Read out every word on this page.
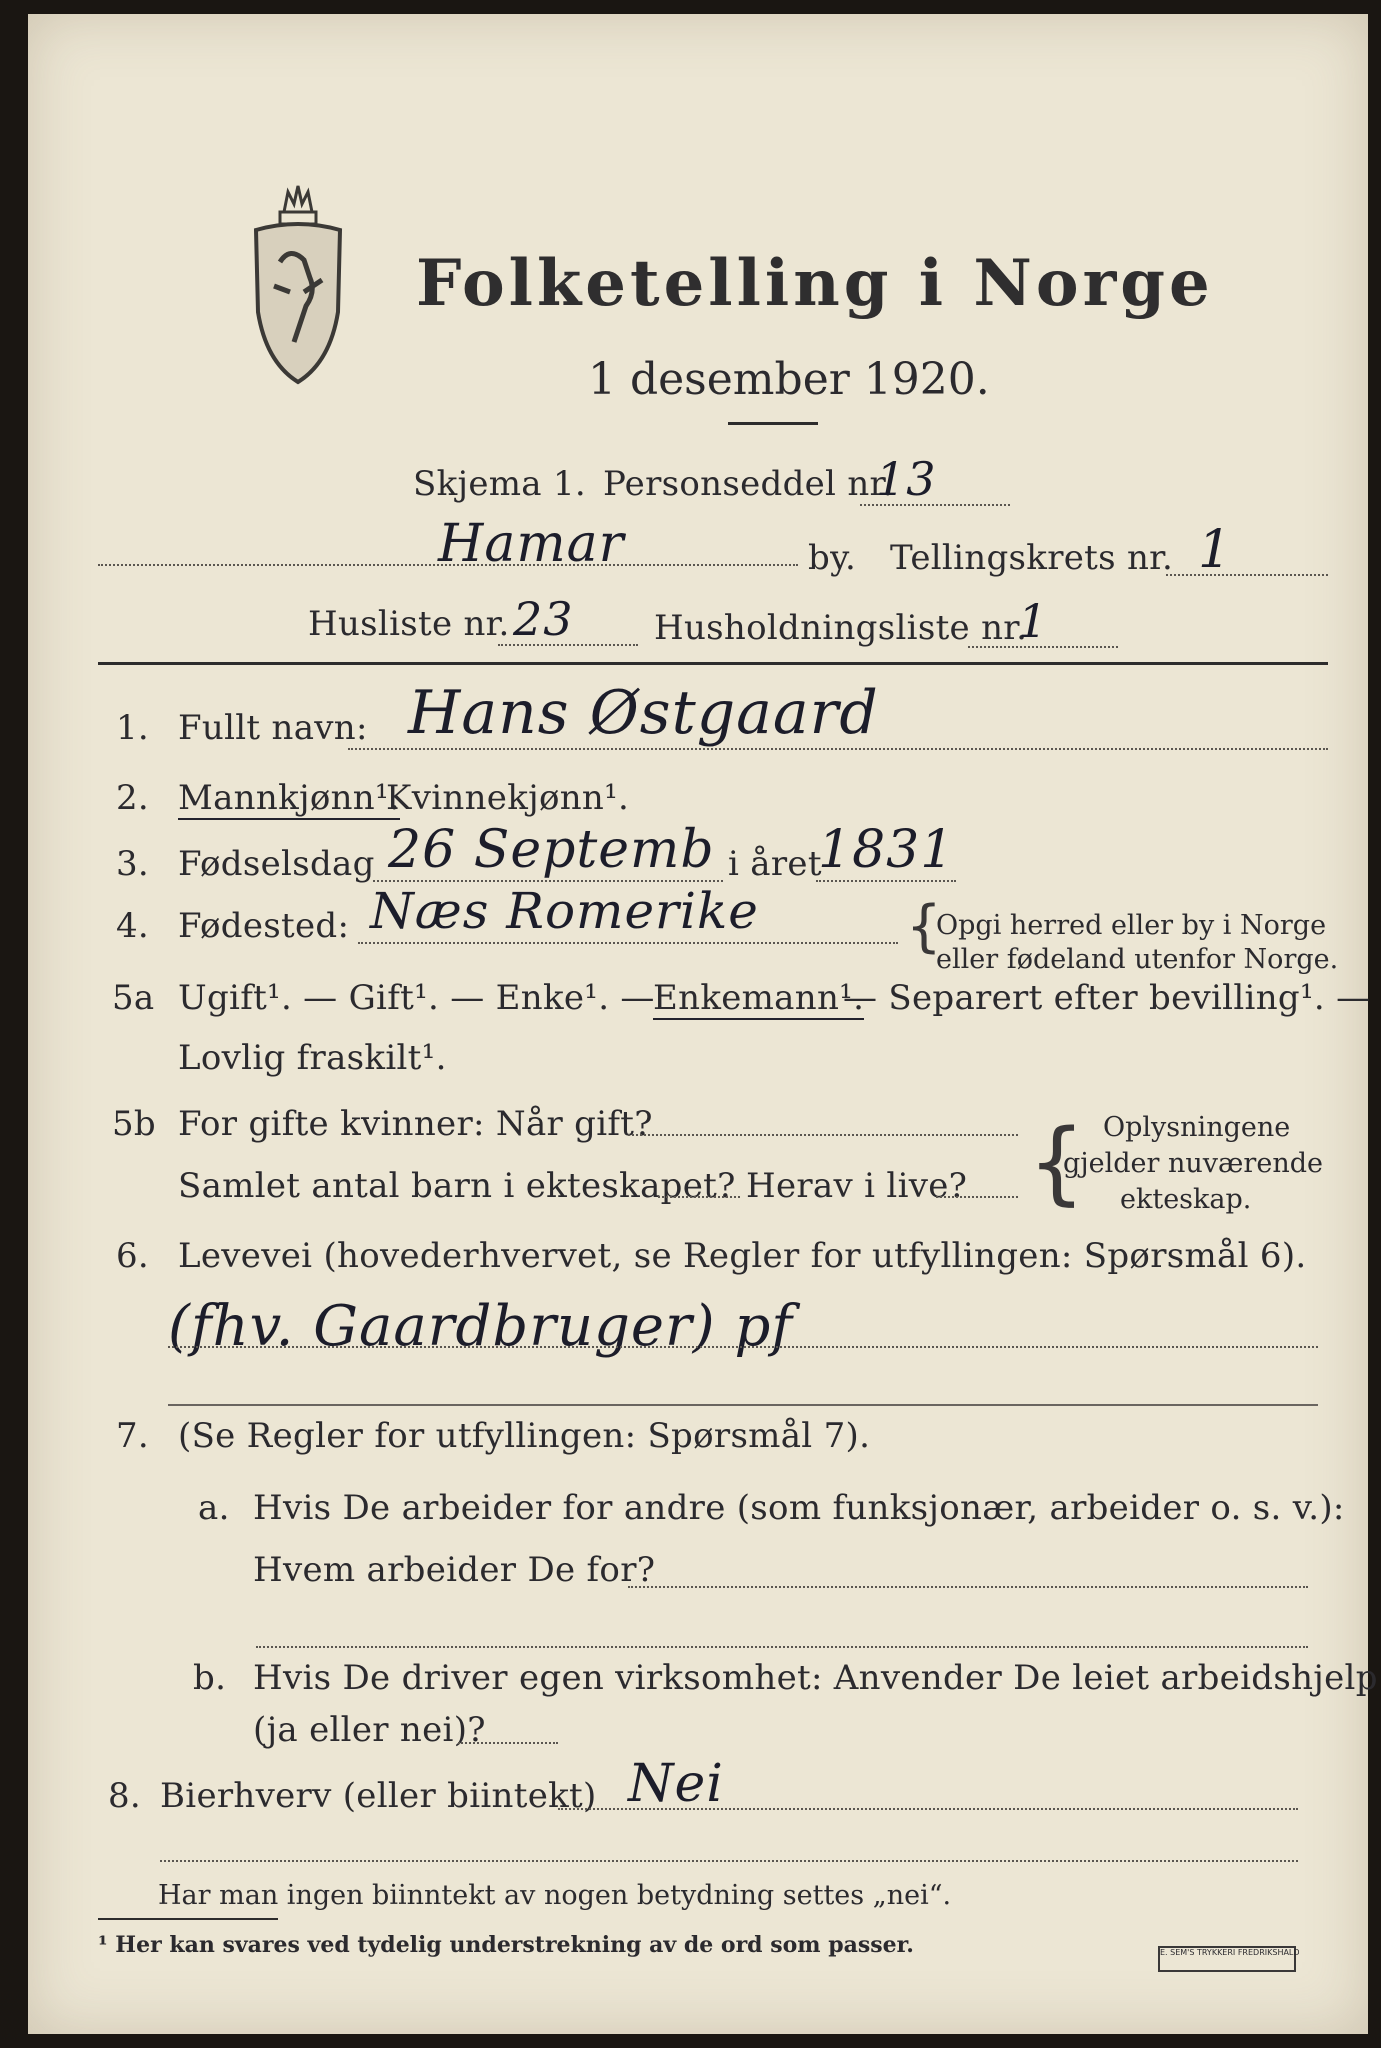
Folketelling i Norge
1 desember 1920.
Skjema 1. Personseddel nr.
13
Hamar	by. Tellingskrets nr. 1
Husliste nr. 23 Husholdningsliste nr.
1
1. Fullt navn: Hans Østgaard
2. Mannkjønn¹.
Kvinnekjønn¹.
3. Fødselsdag 26 Septemb i året
1831
4. Fødested: Næs Romerike	{
Opgi herred eller by i Norge
eller fødeland utenfor Norge.
5a Ugift¹. — Gift¹. — Enke¹. —
Enkemann¹.
— Separert efter bevilling¹. —
Lovlig fraskilt¹.
5b For gifte kvinner: Når gift?
Samlet antal barn i ekteskapet? Herav i live? { Oplysningene
gjelder nuværende
ekteskap.
6. Levevei (hovederhvervet, se Regler for utfyllingen: Spørsmål 6).
(fhv. Gaardbruger) pf
7. (Se Regler for utfyllingen: Spørsmål 7).
a. Hvis De arbeider for andre (som funksjonær, arbeider o. s. v.):
Hvem arbeider De for?
b. Hvis De driver egen virksomhet: Anvender De leiet arbeidshjelp
(ja eller nei)?
8. Bierhverv (eller biintekt) Nei
Har man ingen biinntekt av nogen betydning settes „nei“.
¹ Her kan svares ved tydelig understrekning av de ord som passer.	E. SEM'S TRYKKERI FREDRIKSHALD
